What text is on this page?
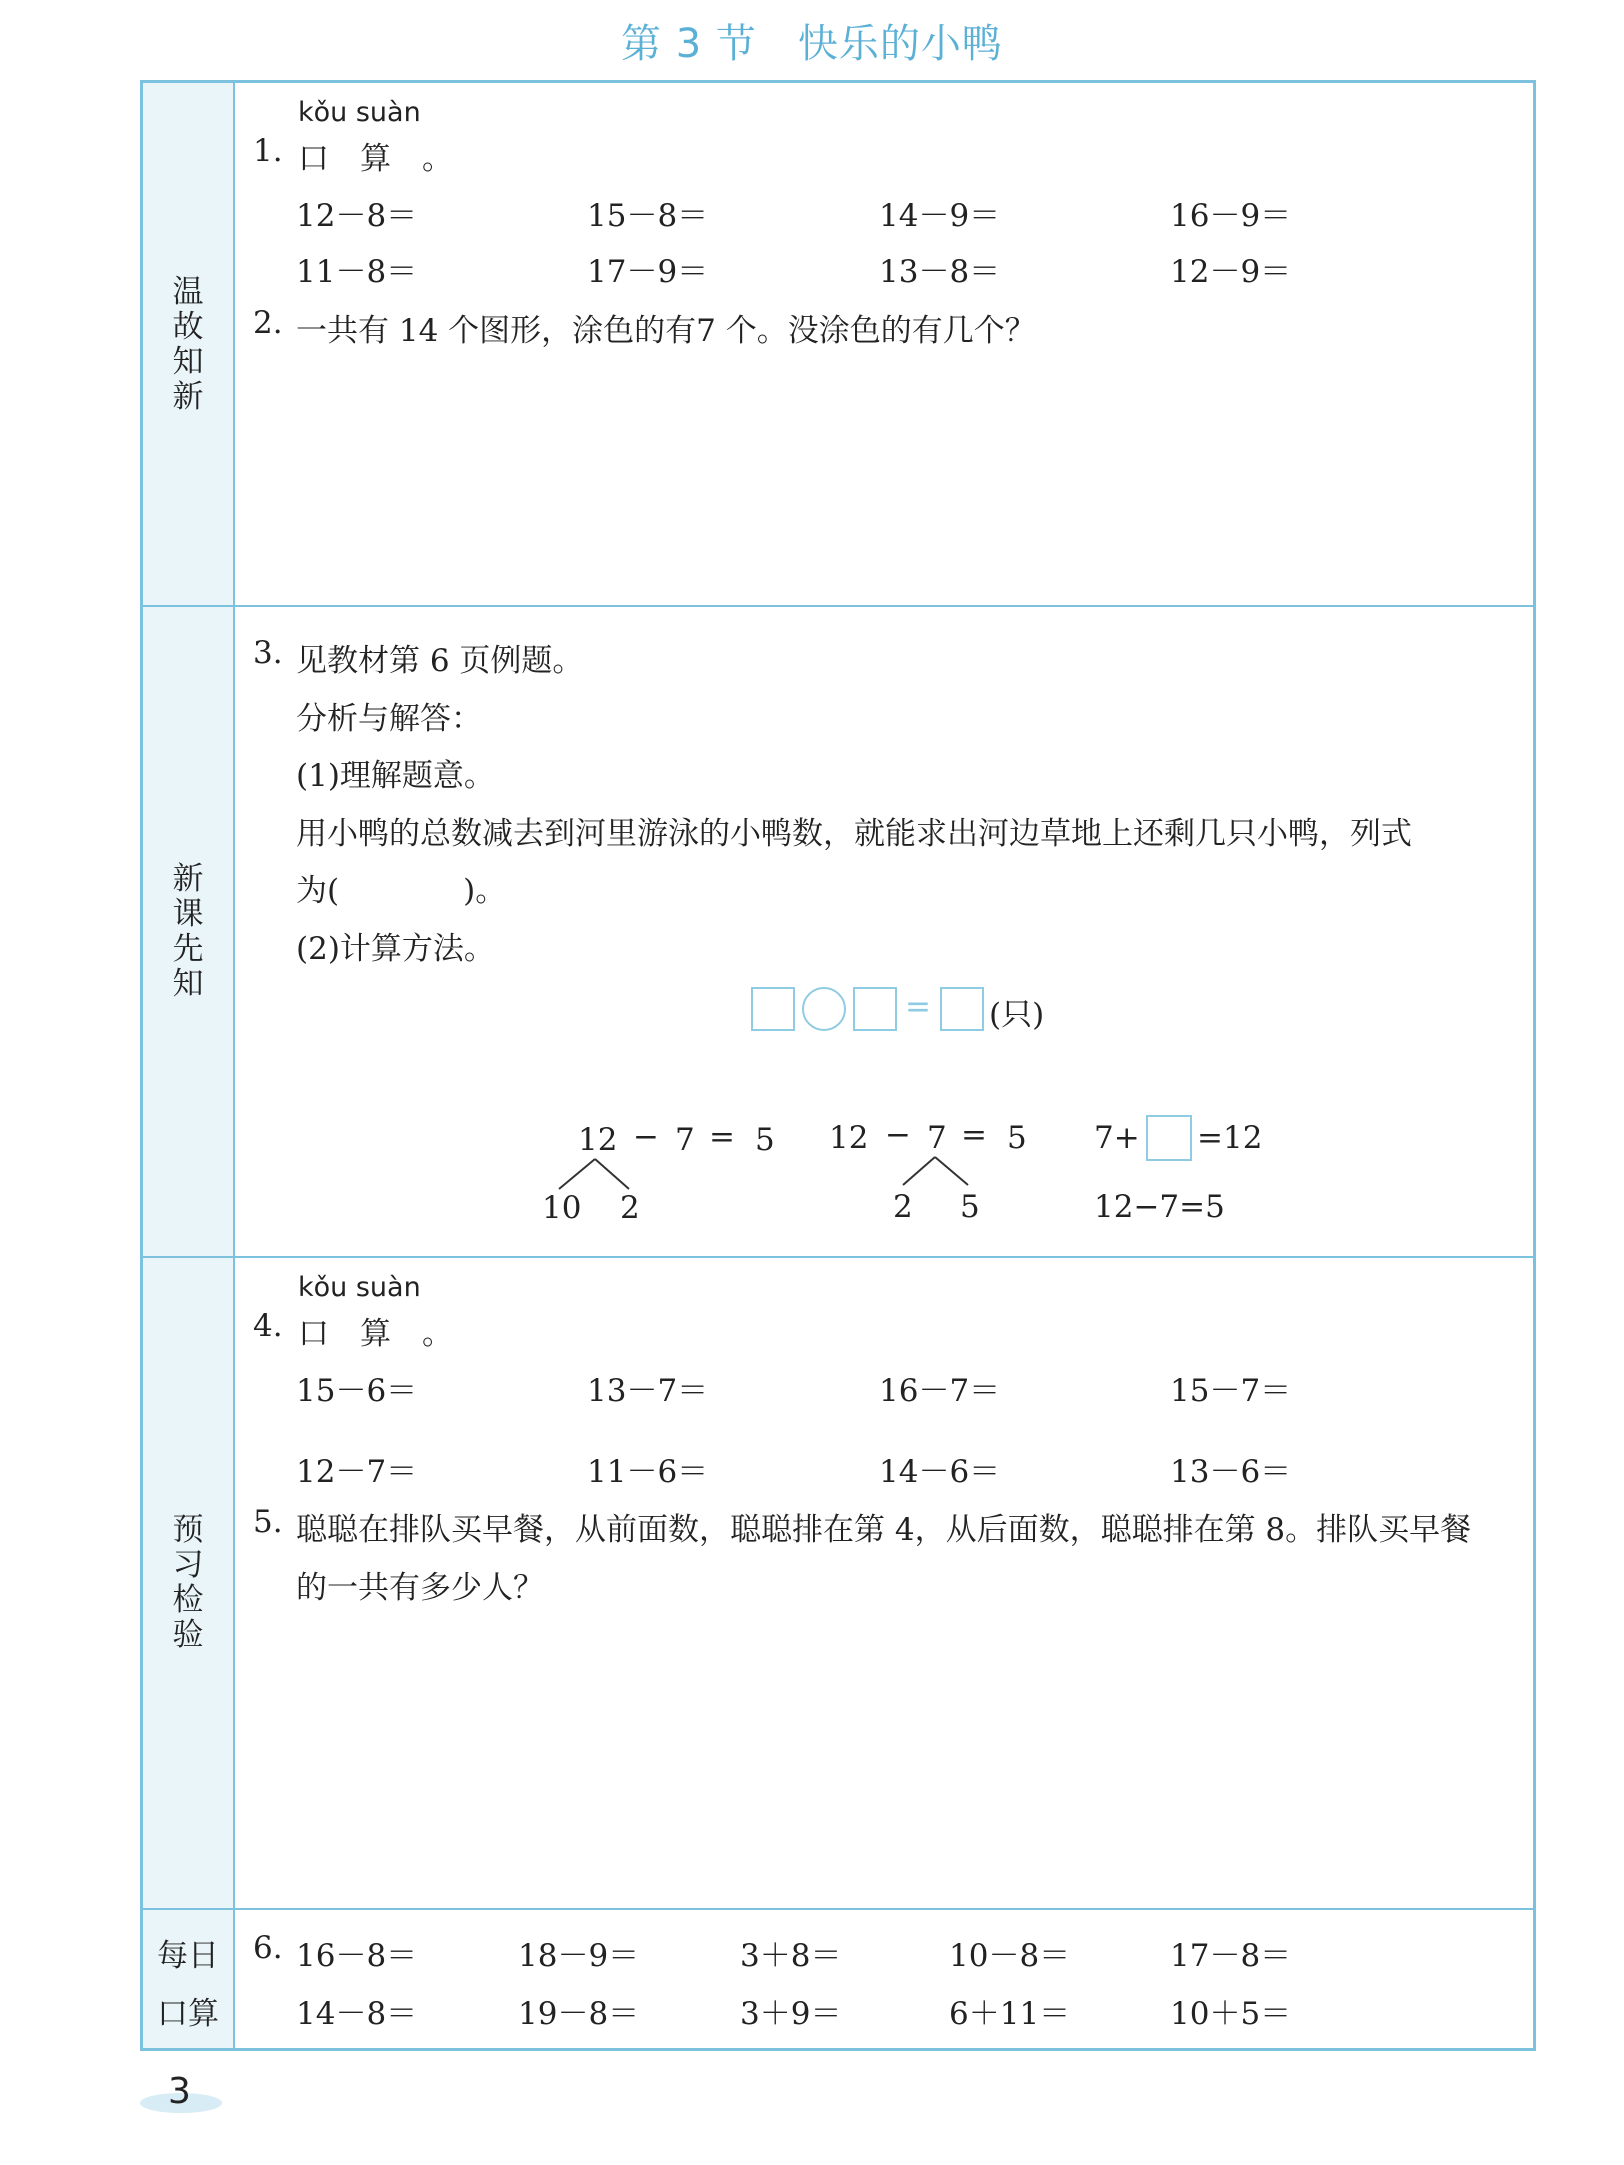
第 3 节　快乐的小鸭
温
故
知
新
kǒu suàn
1. 口　算　。
12－8＝	15－8＝	14－9＝	16－9＝
11－8＝	17－9＝	13－8＝	12－9＝
2. 一共有 14 个图形，涂色的有7 个。没涂色的有几个？
新
课
先
知
3. 见教材第 6 页例题。
分析与解答：
(1)理解题意。
用小鸭的总数减去到河里游泳的小鸭数，就能求出河边草地上还剩几只小鸭，列式
为(　　　　)。
(2)计算方法。
= (只)
12 − 7 = 5
10 2
12 − 7 = 5
2 5
7+ =12
12−7=5
预
习
检
验
kǒu suàn
4. 口　算　。
15－6＝	13－7＝	16－7＝	15－7＝
12－7＝	11－6＝	14－6＝	13－6＝
5. 聪聪在排队买早餐，从前面数，聪聪排在第 4，从后面数，聪聪排在第 8。排队买早餐
的一共有多少人？
每日
口算
6. 16－8＝	18－9＝	3＋8＝	10－8＝	17－8＝
14－8＝	19－8＝	3＋9＝	6＋11＝	10＋5＝
3
